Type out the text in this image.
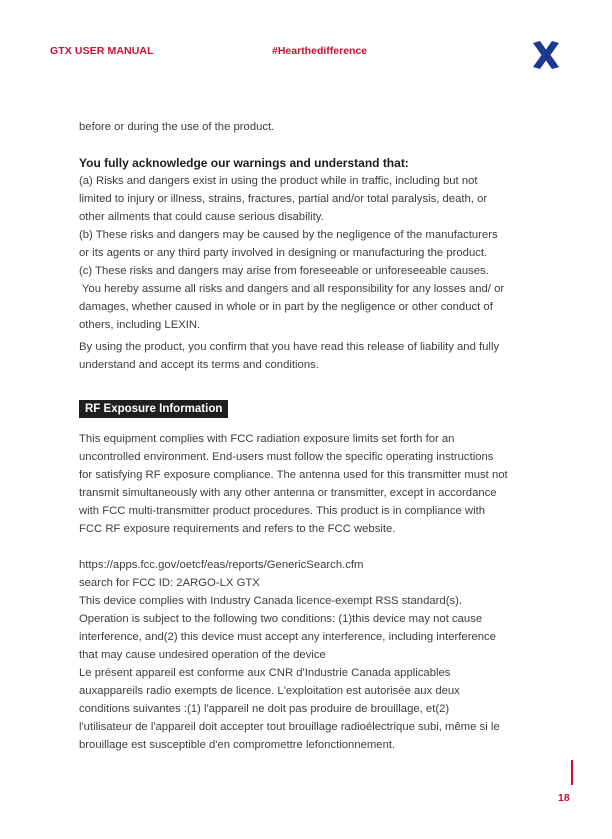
GTX USER MANUAL	#Hearthedifference

before or during the use of the product.

You fully acknowledge our warnings and understand that:

(a) Risks and dangers exist in using the product while in traffic, including but not

limited to injury or illness, strains, fractures, partial and/or total paralysis, death, or

other ailments that could cause serious disability.

(b) These risks and dangers may be caused by the negligence of the manufacturers

or its agents or any third party involved in designing or manufacturing the product.

(c) These risks and dangers may arise from foreseeable or unforeseeable causes.

You hereby assume all risks and dangers and all responsibility for any losses and/ or

damages, whether caused in whole or in part by the negligence or other conduct of

others, including LEXIN.

By using the product, you confirm that you have read this release of liability and fully

understand and accept its terms and conditions.

RF Exposure Information

This equipment complies with FCC radiation exposure limits set forth for an

uncontrolled environment. End-users must follow the specific operating instructions

for satisfying RF exposure compliance. The antenna used for this transmitter must not

transmit simultaneously with any other antenna or transmitter, except in accordance

with FCC multi-transmitter product procedures. This product is in compliance with

FCC RF exposure requirements and refers to the FCC website.

https://apps.fcc.gov/oetcf/eas/reports/GenericSearch.cfm

search for FCC ID: 2ARGO-LX GTX

This device complies with Industry Canada licence-exempt RSS standard(s).

Operation is subject to the following two conditions: (1)this device may not cause

interference, and(2) this device must accept any interference, including interference

that may cause undesired operation of the device

Le présent appareil est conforme aux CNR d'Industrie Canada applicables

auxappareils radio exempts de licence. L'exploitation est autorisée aux deux

conditions suivantes :(1) l'appareil ne doit pas produire de brouillage, et(2)

l'utilisateur de l'appareil doit accepter tout brouillage radioélectrique subi, même si le

brouillage est susceptible d'en compromettre lefonctionnement.

18
